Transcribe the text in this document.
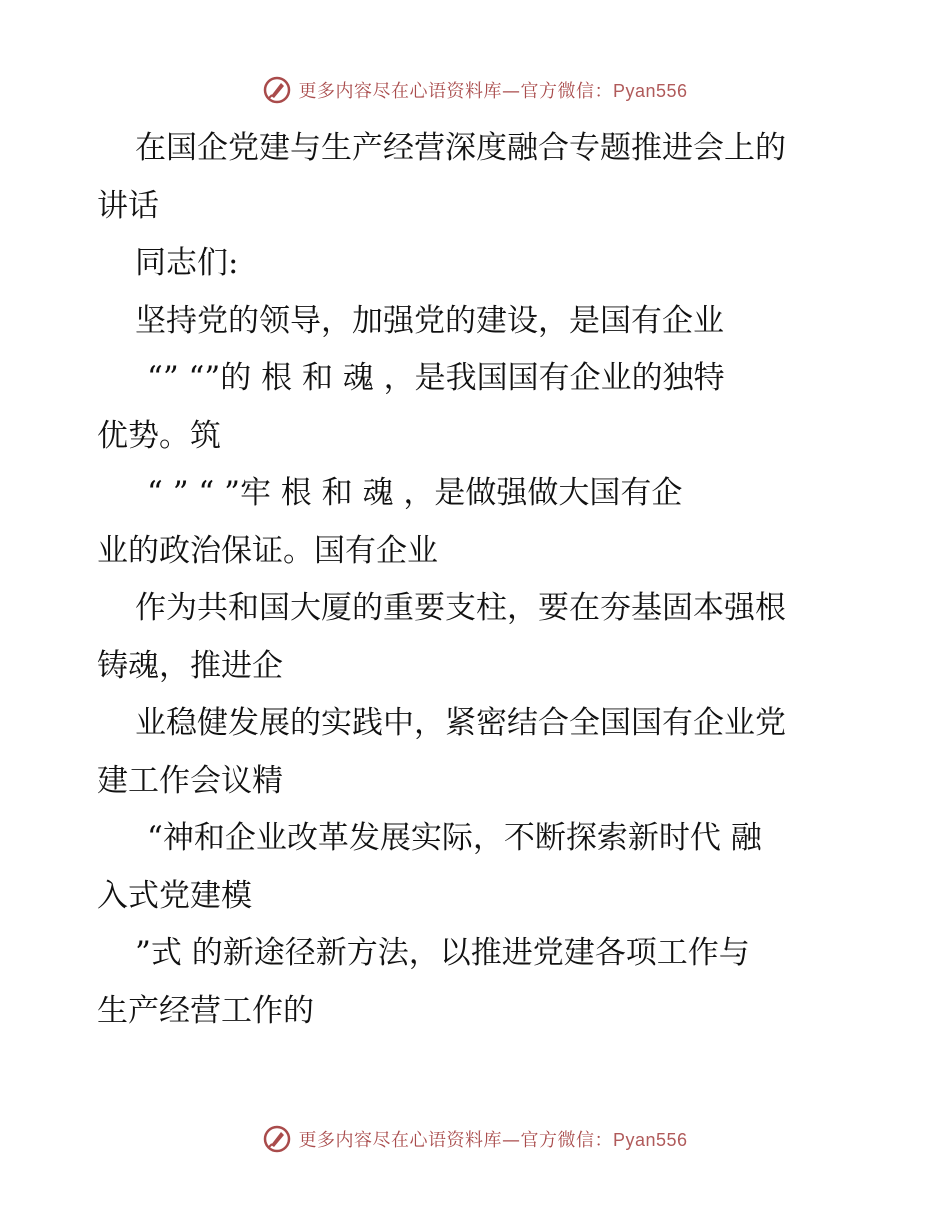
更多内容尽在心语资料库—官方微信：Pyan556
在国企党建与生产经营深度融合专题推进会上的
讲话
同志们:
坚持党的领导，加强党的建设，是国有企业
“” “”的 根 和 魂 ，是我国国有企业的独特
优势。筑
“ ” “ ”牢 根 和 魂 ，是做强做大国有企
业的政治保证。国有企业
作为共和国大厦的重要支柱，要在夯基固本强根
铸魂，推进企
业稳健发展的实践中，紧密结合全国国有企业党
建工作会议精
“神和企业改革发展实际，不断探索新时代 融
入式党建模
”式 的新途径新方法，以推进党建各项工作与
生产经营工作的
更多内容尽在心语资料库—官方微信：Pyan556
